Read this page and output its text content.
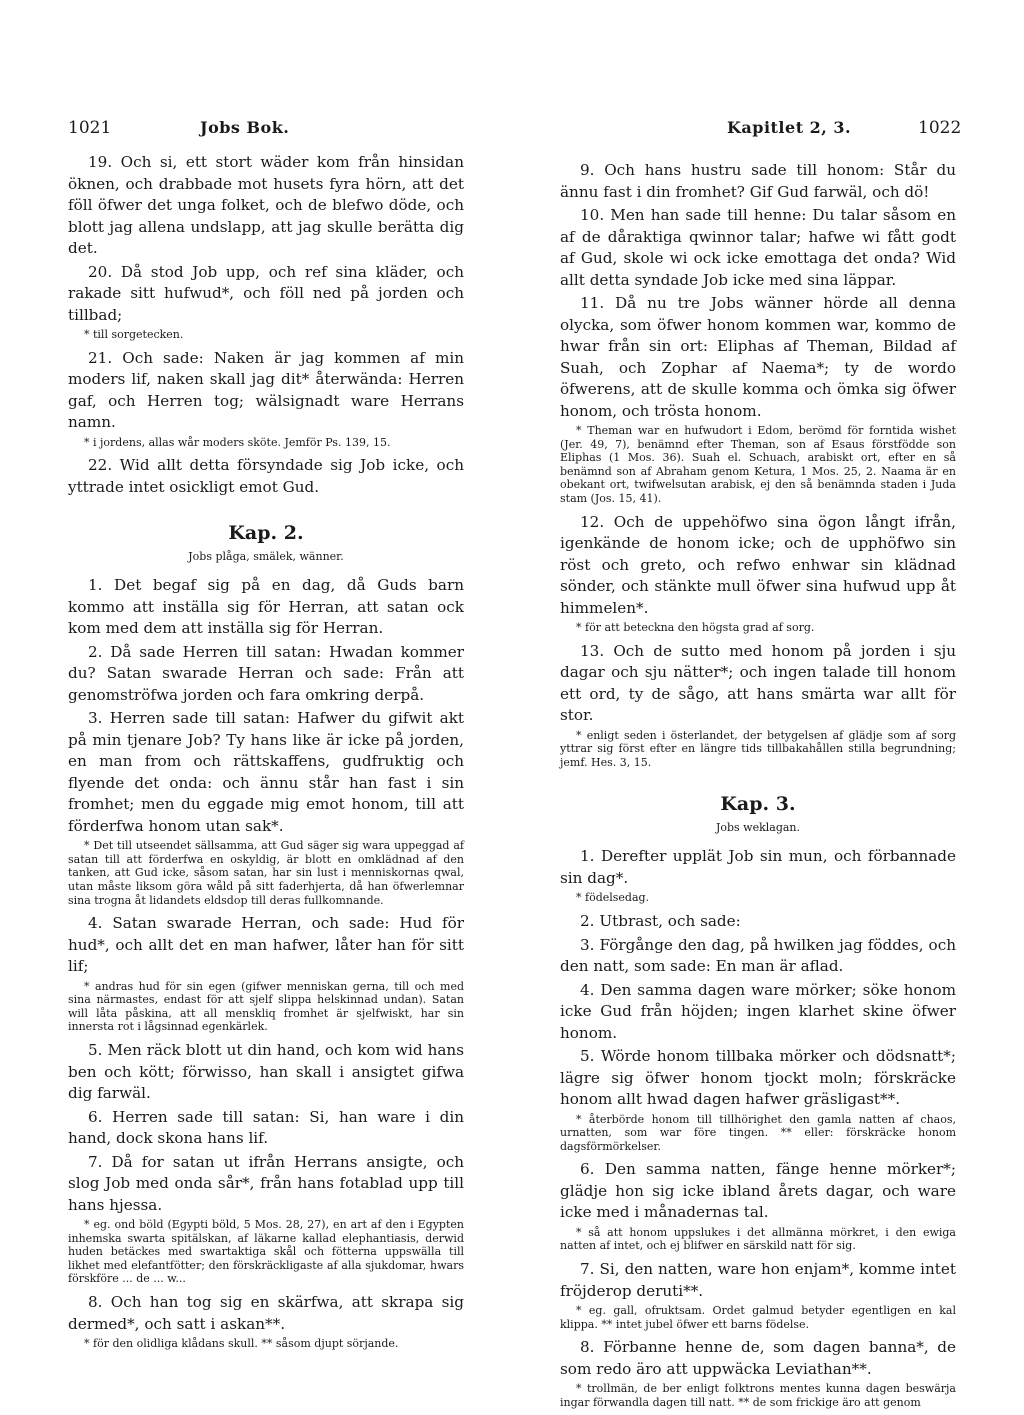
1021	Jobs Bok.	Kapitlet 2, 3.	1022

19. Och si, ett stort wäder kom från hinsidan öknen, och drabbade mot husets fyra hörn, att det föll öfwer det unga folket, och de blefwo döde, och blott jag allena undslapp, att jag skulle berätta dig det.

20. Då stod Job upp, och ref sina kläder, och rakade sitt hufwud*, och föll ned på jorden och tillbad;

* till sorgetecken.

21. Och sade: Naken är jag kommen af min moders lif, naken skall jag dit* återwända: Herren gaf, och Herren tog; wälsignadt ware Herrans namn.

* i jordens, allas wår moders sköte. Jemför Ps. 139, 15.

22. Wid allt detta försyndade sig Job icke, och yttrade intet osickligt emot Gud.

Kap. 2.

Jobs plåga, smälek, wänner.

1. Det begaf sig på en dag, då Guds barn kommo att inställa sig för Herran, att satan ock kom med dem att inställa sig för Herran.

2. Då sade Herren till satan: Hwadan kommer du? Satan swarade Herran och sade: Från att genomströfwa jorden och fara omkring derpå.

3. Herren sade till satan: Hafwer du gifwit akt på min tjenare Job? Ty hans like är icke på jorden, en man from och rättskaffens, gudfruktig och flyende det onda: och ännu står han fast i sin fromhet; men du eggade mig emot honom, till att förderfwa honom utan sak*.

* Det till utseendet sällsamma, att Gud säger sig wara uppeggad af satan till att förderfwa en oskyldig, är blott en omklädnad af den tanken, att Gud icke, såsom satan, har sin lust i menniskornas qwal, utan måste liksom göra wåld på sitt faderhjerta, då han öfwerlemnar sina trogna åt lidandets eldsdop till deras fullkomnande.

4. Satan swarade Herran, och sade: Hud för hud*, och allt det en man hafwer, låter han för sitt lif;

* andras hud för sin egen (gifwer menniskan gerna, till och med sina närmastes, endast för att sjelf slippa helskinnad undan). Satan will låta påskina, att all menskliq fromhet är sjelfwiskt, har sin innersta rot i lågsinnad egenkärlek.

5. Men räck blott ut din hand, och kom wid hans ben och kött; förwisso, han skall i ansigtet gifwa dig farwäl.

6. Herren sade till satan: Si, han ware i din hand, dock skona hans lif.

7. Då for satan ut ifrån Herrans ansigte, och slog Job med onda sår*, från hans fotablad upp till hans hjessa.

* eg. ond böld (Egypti böld, 5 Mos. 28, 27), en art af den i Egypten inhemska swarta spitälskan, af läkarne kallad elephantiasis, derwid huden betäckes med swartaktiga skål och fötterna uppswälla till likhet med elefantfötter; den förskräckligaste af alla sjukdomar, hwars förskföre ... de ... w...

8. Och han tog sig en skärfwa, att skrapa sig dermed*, och satt i askan**.

* för den olidliga klådans skull. ** såsom djupt sörjande.

9. Och hans hustru sade till honom: Står du ännu fast i din fromhet? Gif Gud farwäl, och dö!

10. Men han sade till henne: Du talar såsom en af de dåraktiga qwinnor talar; hafwe wi fått godt af Gud, skole wi ock icke emottaga det onda? Wid allt detta syndade Job icke med sina läppar.

11. Då nu tre Jobs wänner hörde all denna olycka, som öfwer honom kommen war, kommo de hwar från sin ort: Eliphas af Theman, Bildad af Suah, och Zophar af Naema*; ty de wordo öfwerens, att de skulle komma och ömka sig öfwer honom, och trösta honom.

* Theman war en hufwudort i Edom, berömd för forntida wishet (Jer. 49, 7), benämnd efter Theman, son af Esaus förstfödde son Eliphas (1 Mos. 36). Suah el. Schuach, arabiskt ort, efter en så benämnd son af Abraham genom Ketura, 1 Mos. 25, 2. Naama är en obekant ort, twifwelsutan arabisk, ej den så benämnda staden i Juda stam (Jos. 15, 41).

12. Och de uppehöfwo sina ögon långt ifrån, igenkände de honom icke; och de upphöfwo sin röst och greto, och refwo enhwar sin klädnad sönder, och stänkte mull öfwer sina hufwud upp åt himmelen*.

* för att beteckna den högsta grad af sorg.

13. Och de sutto med honom på jorden i sju dagar och sju nätter*; och ingen talade till honom ett ord, ty de sågo, att hans smärta war allt för stor.

* enligt seden i österlandet, der betygelsen af glädje som af sorg yttrar sig först efter en längre tids tillbakahållen stilla begrundning; jemf. Hes. 3, 15.

Kap. 3.

Jobs weklagan.

1. Derefter upplät Job sin mun, och förbannade sin dag*.

* födelsedag.

2. Utbrast, och sade:

3. Förgånge den dag, på hwilken jag föddes, och den natt, som sade: En man är aflad.

4. Den samma dagen ware mörker; söke honom icke Gud från höjden; ingen klarhet skine öfwer honom.

5. Wörde honom tillbaka mörker och dödsnatt*; lägre sig öfwer honom tjockt moln; förskräcke honom allt hwad dagen hafwer gräsligast**.

* återbörde honom till tillhörighet den gamla natten af chaos, urnatten, som war före tingen. ** eller: förskräcke honom dagsförmörkelser.

6. Den samma natten, fänge henne mörker*; glädje hon sig icke ibland årets dagar, och ware icke med i månadernas tal.

* så att honom uppslukes i det allmänna mörkret, i den ewiga natten af intet, och ej blifwer en särskild natt för sig.

7. Si, den natten, ware hon enjam*, komme intet fröjderop deruti**.

* eg. gall, ofruktsam. Ordet galmud betyder egentligen en kal klippa. ** intet jubel öfwer ett barns födelse.

8. Förbanne henne de, som dagen banna*, de som redo äro att uppwäcka Leviathan**.

* trollmän, de ber enligt folktrons mentes kunna dagen beswärja ingar förwandla dagen till natt. ** de som frickige äro att genom
